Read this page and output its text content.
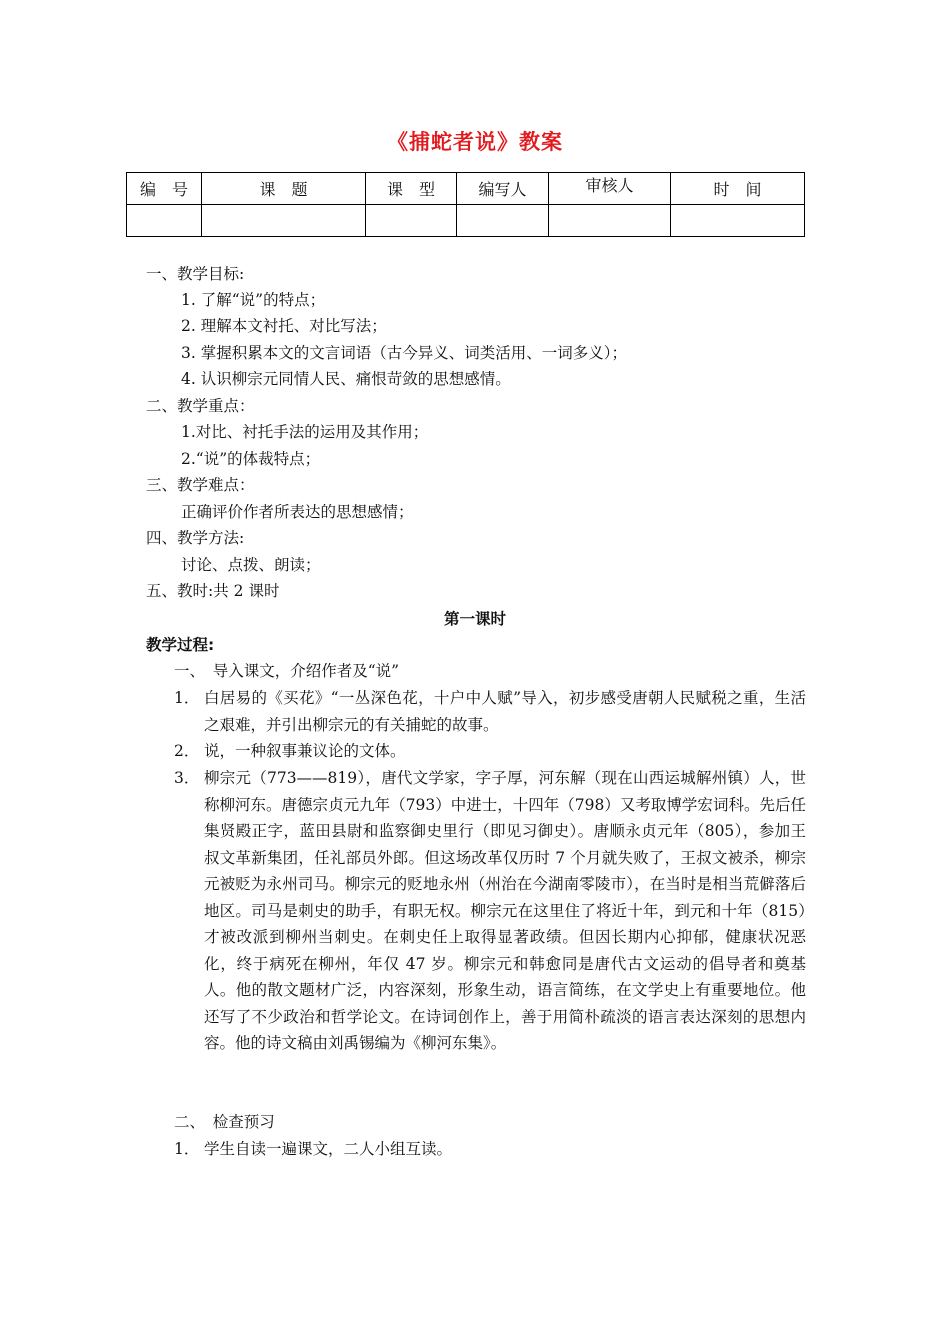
《捕蛇者说》教案
编　号	课　题	课　型	编写人	审核人	时　间

一、教学目标:
1. 了解“说”的特点；
2. 理解本文衬托、对比写法；
3. 掌握积累本文的文言词语（古今异义、词类活用、一词多义）；
4. 认识柳宗元同情人民、痛恨苛敛的思想感情。
二、教学重点：
1.对比、衬托手法的运用及其作用；
2.“说”的体裁特点；
三、教学难点：
正确评价作者所表达的思想感情；
四、教学方法:
讨论、点拨、朗读；
五、教时:共 2 课时
第一课时
教学过程:
一、　导入课文，介绍作者及“说”
1． 白居易的《买花》“一丛深色花，十户中人赋”导入，初步感受唐朝人民赋税之重，生活之艰难，并引出柳宗元的有关捕蛇的故事。
2． 说，一种叙事兼议论的文体。
3． 柳宗元（773——819），唐代文学家，字子厚，河东解（现在山西运城解州镇）人，世称柳河东。唐德宗贞元九年（793）中进士，十四年（798）又考取博学宏词科。先后任集贤殿正字，蓝田县尉和监察御史里行（即见习御史）。唐顺永贞元年（805），参加王叔文革新集团，任礼部员外郎。但这场改革仅历时 7 个月就失败了，王叔文被杀，柳宗元被贬为永州司马。柳宗元的贬地永州（州治在今湖南零陵市），在当时是相当荒僻落后地区。司马是刺史的助手，有职无权。柳宗元在这里住了将近十年，到元和十年（815）才被改派到柳州当刺史。在刺史任上取得显著政绩。但因长期内心抑郁，健康状况恶化，终于病死在柳州，年仅 47 岁。柳宗元和韩愈同是唐代古文运动的倡导者和奠基人。他的散文题材广泛，内容深刻，形象生动，语言简练，在文学史上有重要地位。他还写了不少政治和哲学论文。在诗词创作上，善于用简朴疏淡的语言表达深刻的思想内容。他的诗文稿由刘禹锡编为《柳河东集》。
二、　检查预习
1． 学生自读一遍课文，二人小组互读。
